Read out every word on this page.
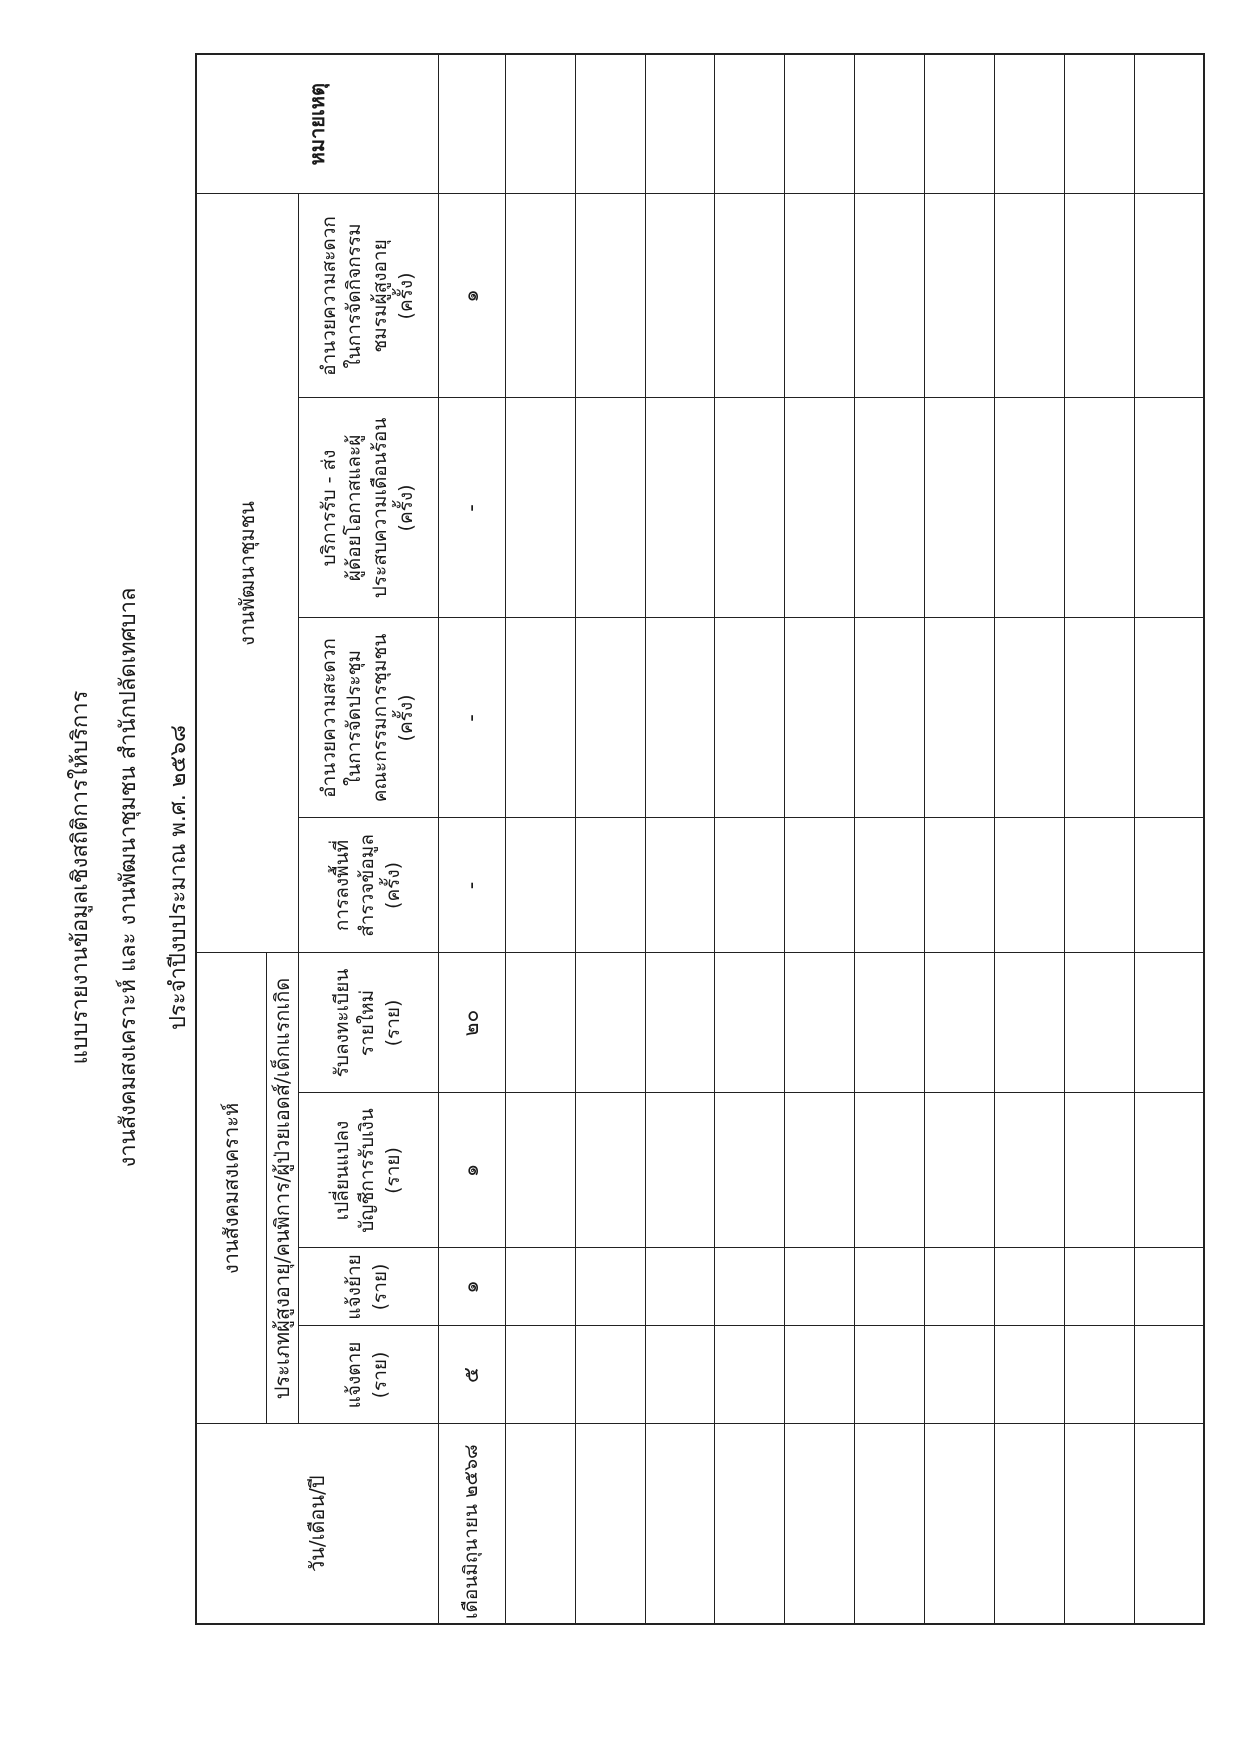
แบบรายงานข้อมูลเชิงสถิติการให้บริการ งานสังคมสงเคราะห์ และ งานพัฒนาชุมชน สำนักปลัดเทศบาล ประจำปีงบประมาณ พ.ศ. ๒๕๖๘
วัน/เดือน/ปี	งานสังคมสงเคราะห์				งานพัฒนาชุมชน				หมายเหตุ
	ประเภทผู้สูงอายุ/คนพิการ/ผู้ป่วยเอดส์/เด็กแรกเกิด								

	แจ้งตาย (ราย)	แจ้งย้าย (ราย)	เปลี่ยนแปลง บัญชีการรับเงิน (ราย)	รับลงทะเบียน รายใหม่ (ราย)	การลงพื้นที่ สำรวจข้อมูล (ครั้ง)	อำนวยความสะดวก ในการจัดประชุม คณะกรรมการชุมชน (ครั้ง)	บริการรับ - ส่ง ผู้ด้อยโอกาสและผู้ ประสบความเดือนร้อน (ครั้ง)	อำนวยความสะดวก ในการจัดกิจกรรม ชมรมผู้สูงอายุ (ครั้ง)	

เดือนมิถุนายน ๒๕๖๘	๕	๑	๑	๒๐	-	-	-	๑	
